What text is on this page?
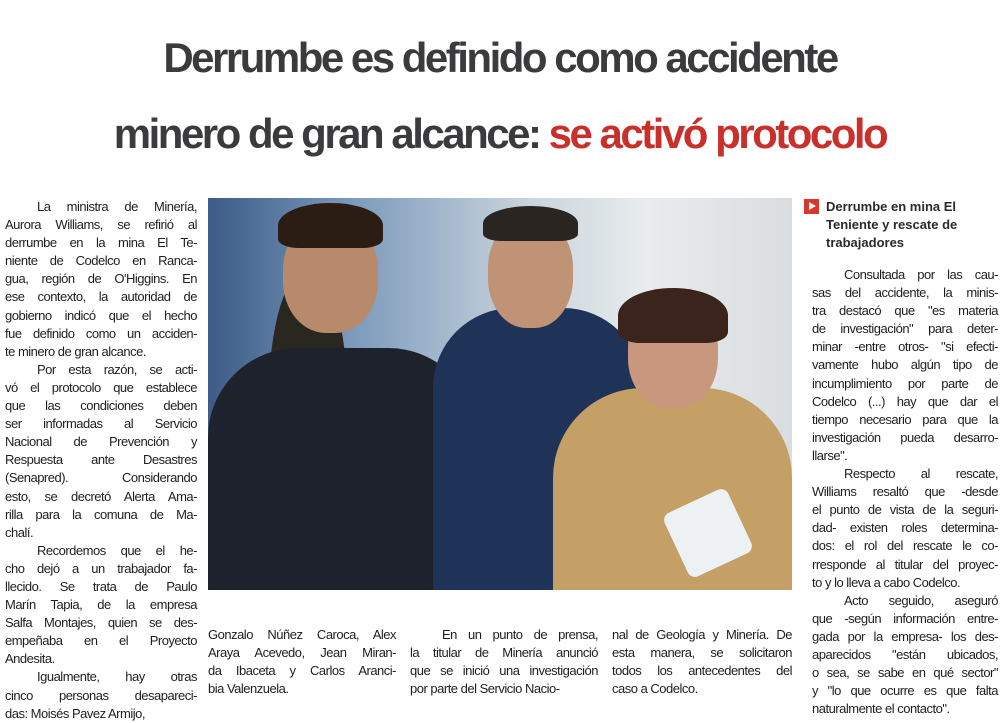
Derrumbe es definido como accidente
minero de gran alcance: se activó protocolo
La ministra de Minería,
Aurora Williams, se refirió al
derrumbe en la mina El Te-
niente de Codelco en Ranca-
gua, región de O'Higgins. En
ese contexto, la autoridad de
gobierno indicó que el hecho
fue definido como un acciden-
te minero de gran alcance.
Por esta razón, se acti-
vó el protocolo que establece
que las condiciones deben
ser informadas al Servicio
Nacional de Prevención y
Respuesta ante Desastres
(Senapred). Considerando
esto, se decretó Alerta Ama-
rilla para la comuna de Ma-
chalí.
Recordemos que el he-
cho dejó a un trabajador fa-
llecido. Se trata de Paulo
Marín Tapia, de la empresa
Salfa Montajes, quien se des-
empeñaba en el Proyecto
Andesita.
Igualmente, hay otras
cinco personas desapareci-
das: Moisés Pavez Armijo,
Gonzalo Núñez Caroca, Alex
Araya Acevedo, Jean Miran-
da Ibaceta y Carlos Aranci-
bia Valenzuela.
En un punto de prensa,
la titular de Minería anunció
que se inició una investigación
por parte del Servicio Nacio-
nal de Geología y Minería. De
esta manera, se solicitaron
todos los antecedentes del
caso a Codelco.
Derrumbe en mina El Teniente y rescate de trabajadores
Consultada por las cau-
sas del accidente, la minis-
tra destacó que "es materia
de investigación" para deter-
minar -entre otros- "si efecti-
vamente hubo algún tipo de
incumplimiento por parte de
Codelco (...) hay que dar el
tiempo necesario para que la
investigación pueda desarro-
llarse".
Respecto al rescate,
Williams resaltó que -desde
el punto de vista de la seguri-
dad- existen roles determina-
dos: el rol del rescate le co-
rresponde al titular del proyec-
to y lo lleva a cabo Codelco.
Acto seguido, aseguró
que -según información entre-
gada por la empresa- los des-
aparecidos "están ubicados,
o sea, se sabe en qué sector"
y "lo que ocurre es que falta
naturalmente el contacto".
